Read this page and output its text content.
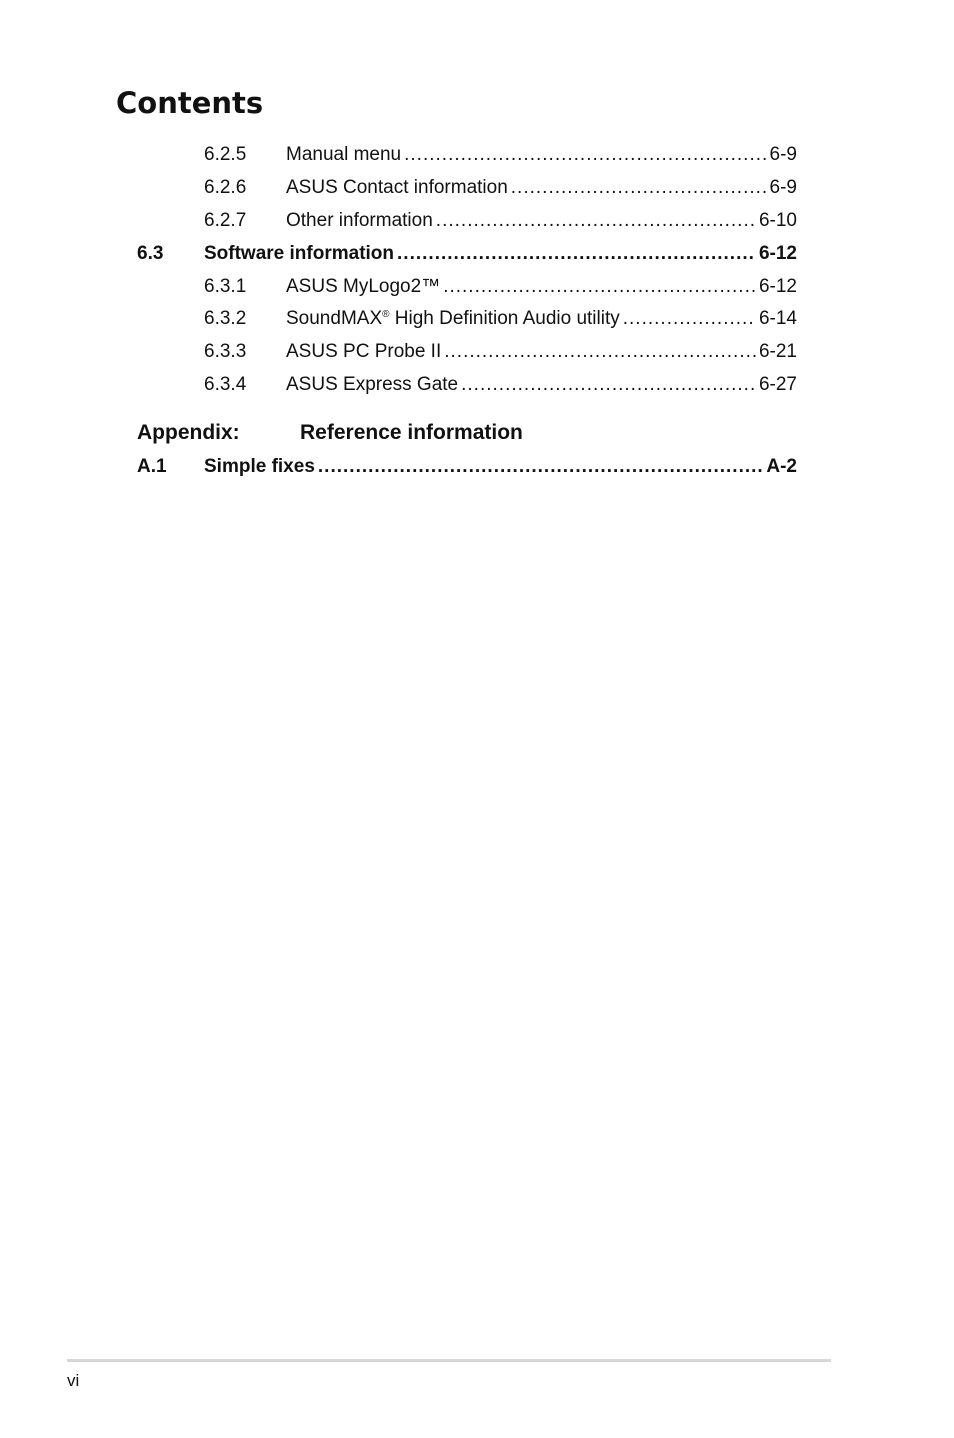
Contents
6.2.5 Manual menu .....	6-9
6.2.6 ASUS Contact information .....	6-9
6.2.7 Other information .....	6-10
6.3 Software information .....	6-12
6.3.1 ASUS MyLogo2™ .....	6-12
6.3.2 SoundMAX® High Definition Audio utility .....	6-14
6.3.3 ASUS PC Probe II .....	6-21
6.3.4 ASUS Express Gate .....	6-27
Appendix:	Reference information
A.1 Simple fixes .....	A-2
vi
